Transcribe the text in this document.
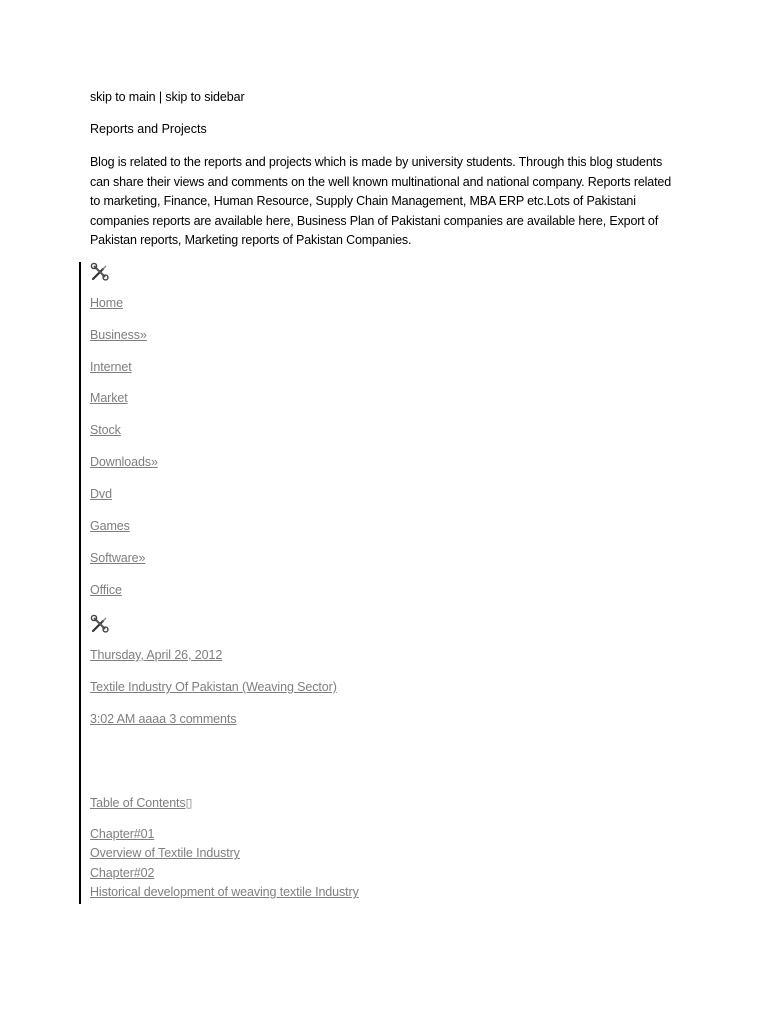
skip to main | skip to sidebar
Reports and Projects
Blog is related to the reports and projects which is made by university students. Through this blog students can share their views and comments on the well known multinational and national company. Reports related to marketing, Finance, Human Resource, Supply Chain Management, MBA ERP etc.Lots of Pakistani companies reports are available here, Business Plan of Pakistani companies are available here, Export of Pakistan reports, Marketing reports of Pakistan Companies.
Home
Business»
Internet
Market
Stock
Downloads»
Dvd
Games
Software»
Office
Thursday, April 26, 2012
Textile Industry Of Pakistan (Weaving Sector)
3:02 AM aaaa 3 comments
Table of Contents▯
Chapter#01
Overview of Textile Industry
Chapter#02
Historical development of weaving textile Industry
